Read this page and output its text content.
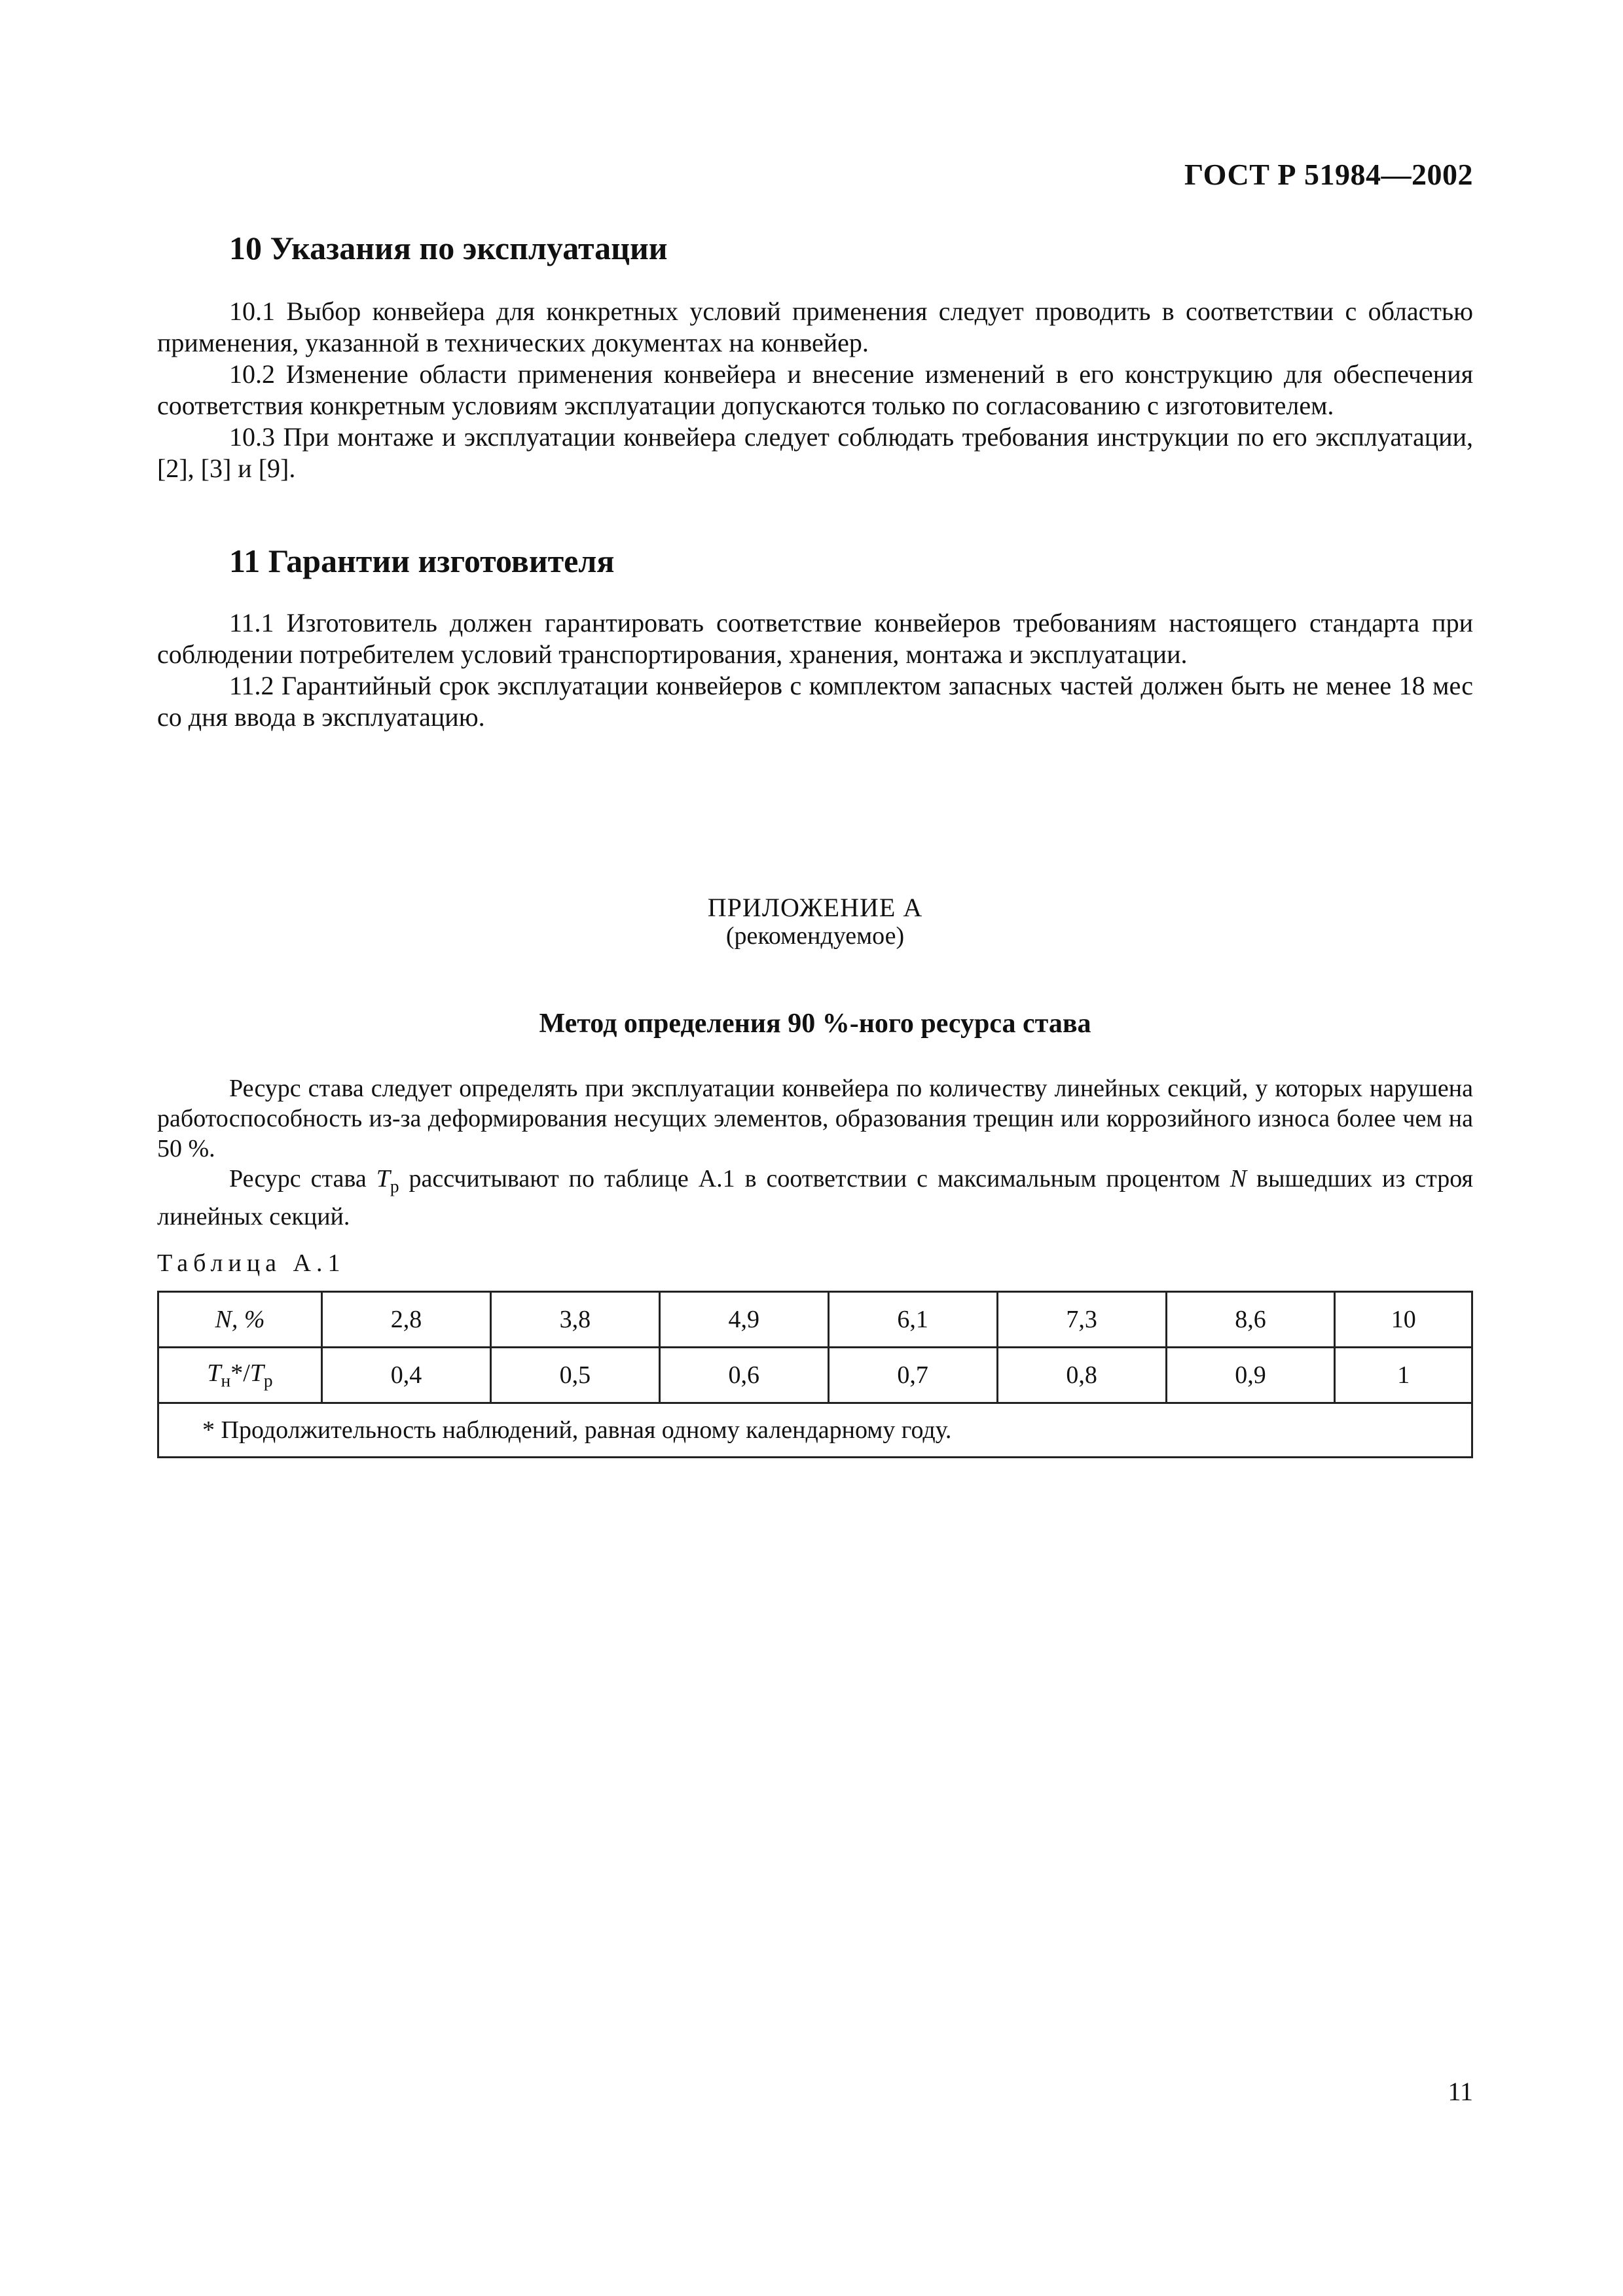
ГОСТ Р 51984—2002
10 Указания по эксплуатации

10.1 Выбор конвейера для конкретных условий применения следует проводить в соответствии с областью применения, указанной в технических документах на конвейер.

10.2 Изменение области применения конвейера и внесение изменений в его конструкцию для обеспечения соответствия конкретным условиям эксплуатации допускаются только по согласованию с изготовителем.

10.3 При монтаже и эксплуатации конвейера следует соблюдать требования инструкции по его эксплуатации, [2], [3] и [9].

11 Гарантии изготовителя

11.1 Изготовитель должен гарантировать соответствие конвейеров требованиям настоящего стандарта при соблюдении потребителем условий транспортирования, хранения, монтажа и эксплуатации.

11.2 Гарантийный срок эксплуатации конвейеров с комплектом запасных частей должен быть не менее 18 мес со дня ввода в эксплуатацию.

ПРИЛОЖЕНИЕ А
(рекомендуемое)
Метод определения 90 %-ного ресурса става

Ресурс става следует определять при эксплуатации конвейера по количеству линейных секций, у которых нарушена работоспособность из-за деформирования несущих элементов, образования трещин или коррозийного износа более чем на 50 %.

Ресурс става $T_р$ рассчитывают по таблице А.1 в соответствии с максимальным процентом N вышедших из строя линейных секций.

Таблица А.1
N, %	2,8	3,8	4,9	6,1	7,3	8,6	10
$T_н*/T_р$	0,4	0,5	0,6	0,7	0,8	0,9	1
* Продолжительность наблюдений, равная одному календарному году.							
11
